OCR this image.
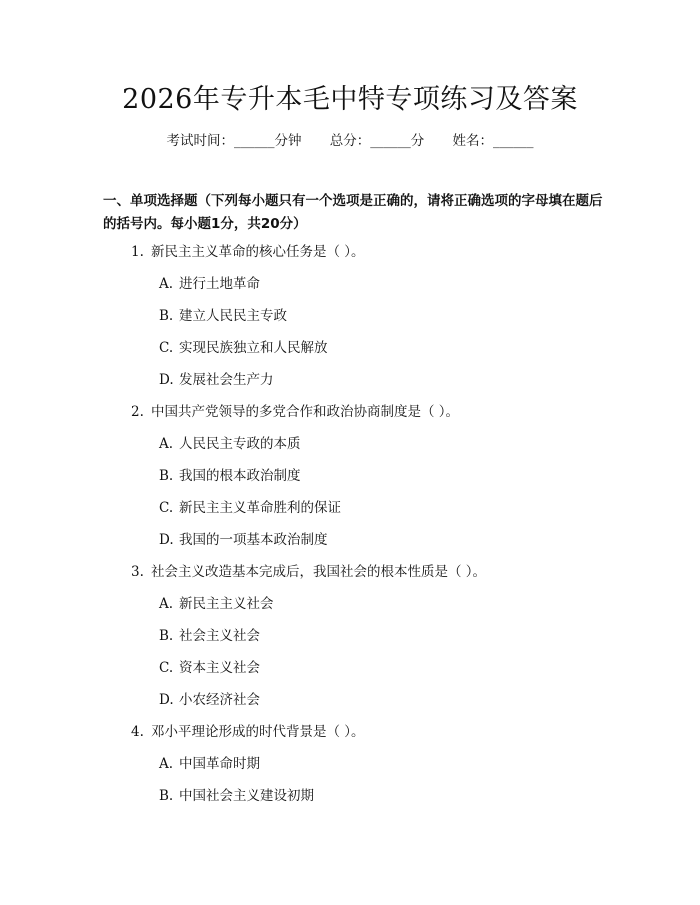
2026年专升本毛中特专项练习及答案
考试时间：______分钟 总分：______分 姓名：______
一、单项选择题（下列每小题只有一个选项是正确的，请将正确选项的字母填在题后的括号内。每小题1分，共20分）
1. 新民主主义革命的核心任务是（ ）。
A. 进行土地革命
B. 建立人民民主专政
C. 实现民族独立和人民解放
D. 发展社会生产力
2. 中国共产党领导的多党合作和政治协商制度是（ ）。
A. 人民民主专政的本质
B. 我国的根本政治制度
C. 新民主主义革命胜利的保证
D. 我国的一项基本政治制度
3. 社会主义改造基本完成后，我国社会的根本性质是（ ）。
A. 新民主主义社会
B. 社会主义社会
C. 资本主义社会
D. 小农经济社会
4. 邓小平理论形成的时代背景是（ ）。
A. 中国革命时期
B. 中国社会主义建设初期
